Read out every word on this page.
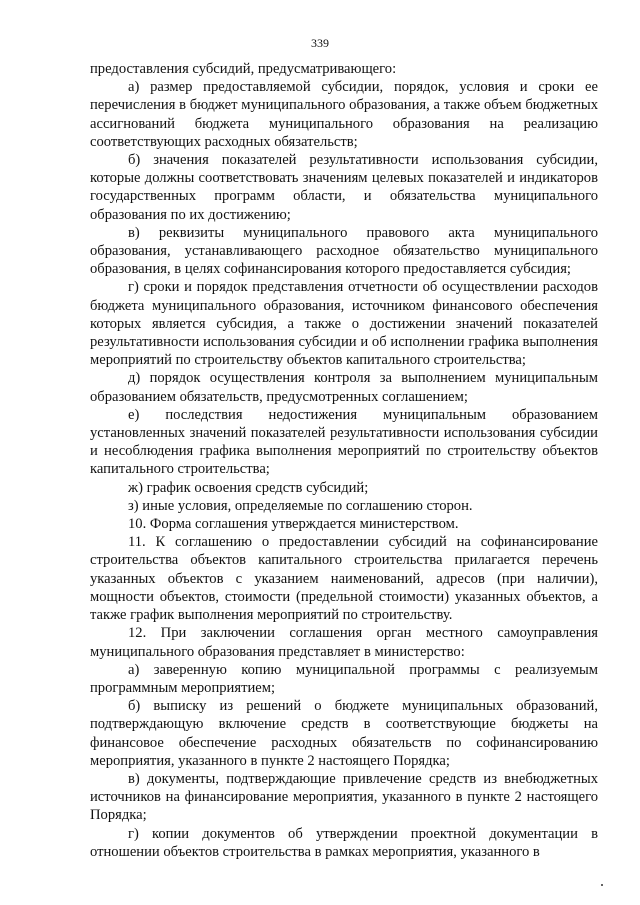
339

предоставления субсидий, предусматривающего:

а) размер предоставляемой субсидии, порядок, условия и сроки ее перечисления в бюджет муниципального образования, а также объем бюджетных ассигнований бюджета муниципального образования на реализацию соответствующих расходных обязательств;

б) значения показателей результативности использования субсидии, которые должны соответствовать значениям целевых показателей и индикаторов государственных программ области, и обязательства муниципального образования по их достижению;

в) реквизиты муниципального правового акта муниципального образования, устанавливающего расходное обязательство муниципального образования, в целях софинансирования которого предоставляется субсидия;

г) сроки и порядок представления отчетности об осуществлении расходов бюджета муниципального образования, источником финансового обеспечения которых является субсидия, а также о достижении значений показателей результативности использования субсидии и об исполнении графика выполнения мероприятий по строительству объектов капитального строительства;

д) порядок осуществления контроля за выполнением муниципальным образованием обязательств, предусмотренных соглашением;

е) последствия недостижения муниципальным образованием установленных значений показателей результативности использования субсидии и несоблюдения графика выполнения мероприятий по строительству объектов капитального строительства;

ж) график освоения средств субсидий;

з) иные условия, определяемые по соглашению сторон.

10. Форма соглашения утверждается министерством.

11. К соглашению о предоставлении субсидий на софинансирование строительства объектов капитального строительства прилагается перечень указанных объектов с указанием наименований, адресов (при наличии), мощности объектов, стоимости (предельной стоимости) указанных объектов, а также график выполнения мероприятий по строительству.

12. При заключении соглашения орган местного самоуправления муниципального образования представляет в министерство:

а) заверенную копию муниципальной программы с реализуемым программным мероприятием;

б) выписку из решений о бюджете муниципальных образований, подтверждающую включение средств в соответствующие бюджеты на финансовое обеспечение расходных обязательств по софинансированию мероприятия, указанного в пункте 2 настоящего Порядка;

в) документы, подтверждающие привлечение средств из внебюджетных источников на финансирование мероприятия, указанного в пункте 2 настоящего Порядка;

г) копии документов об утверждении проектной документации в отношении объектов строительства в рамках мероприятия, указанного в
